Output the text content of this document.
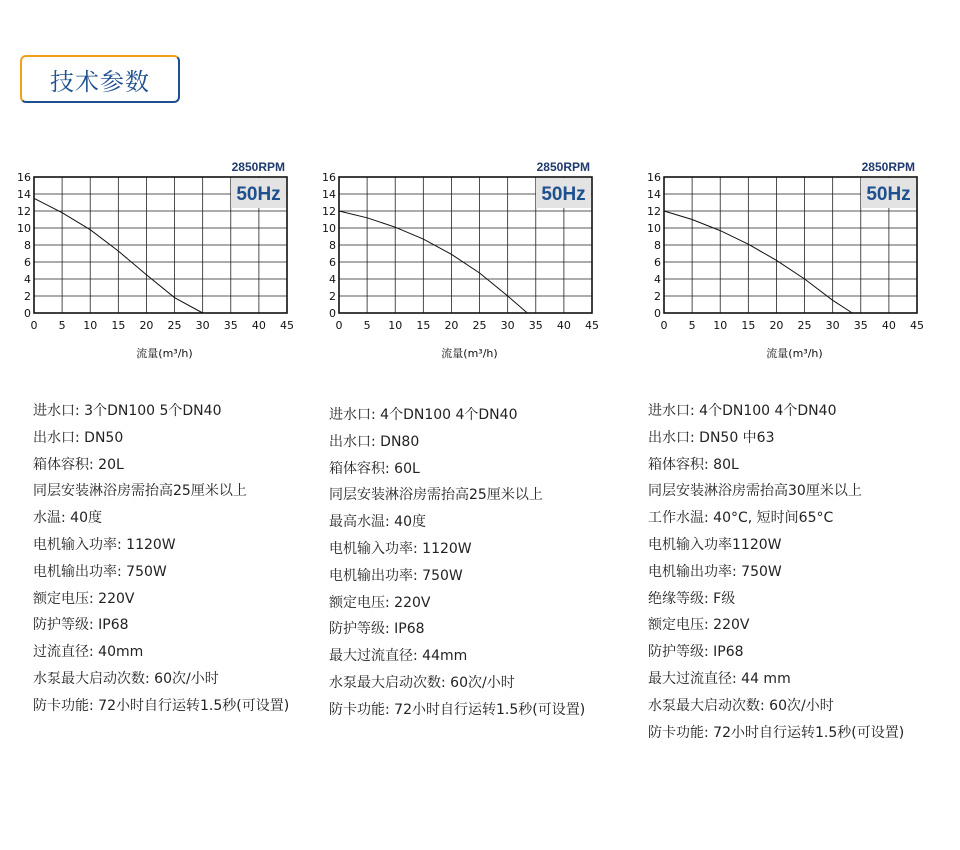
技术参数
50Hz
2850RPM
0 5 10 15 20 25 30 35 40 45
0
2
4
6
8
10
12
14
16
流量(m³/h)
50Hz
2850RPM
0 5 10 15 20 25 30 35 40 45
0
2
4
6
8
10
12
14
16
流量(m³/h)
50Hz
2850RPM
0 5 10 15 20 25 30 35 40 45
0
2
4
6
8
10
12
14
16
流量(m³/h)
进水口: 3个DN100 5个DN40
出水口: DN50
箱体容积: 20L
同层安装淋浴房需抬高25厘米以上
水温: 40度
电机输入功率: 1120W
电机输出功率: 750W
额定电压: 220V
防护等级: IP68
过流直径: 40mm
水泵最大启动次数: 60次/小时
防卡功能: 72小时自行运转1.5秒(可设置)
进水口: 4个DN100 4个DN40
出水口: DN80
箱体容积: 60L
同层安装淋浴房需抬高25厘米以上
最高水温: 40度
电机输入功率: 1120W
电机输出功率: 750W
额定电压: 220V
防护等级: IP68
最大过流直径: 44mm
水泵最大启动次数: 60次/小时
防卡功能: 72小时自行运转1.5秒(可设置)
进水口: 4个DN100 4个DN40
出水口: DN50 中63
箱体容积: 80L
同层安装淋浴房需抬高30厘米以上
工作水温: 40°C, 短时间65°C
电机输入功率1120W
电机输出功率: 750W
绝缘等级: F级
额定电压: 220V
防护等级: IP68
最大过流直径: 44 mm
水泵最大启动次数: 60次/小时
防卡功能: 72小时自行运转1.5秒(可设置)
